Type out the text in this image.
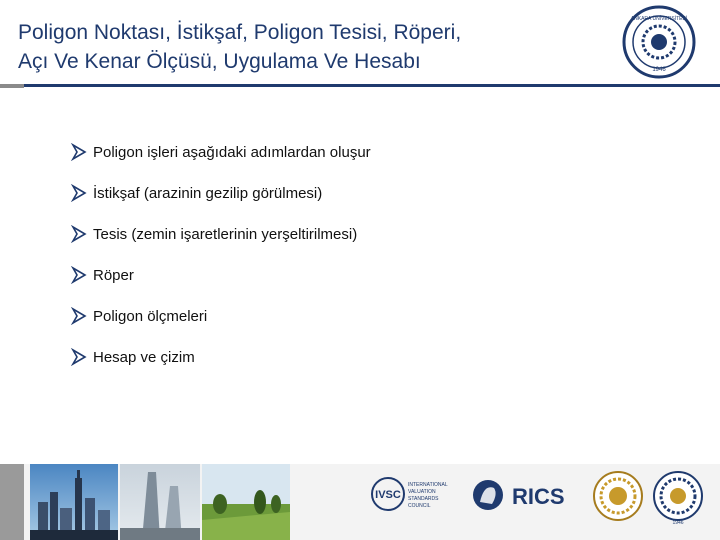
Poligon Noktası, İstikşaf, Poligon Tesisi, Röperi,
Açı Ve Kenar Ölçüsü, Uygulama Ve Hesabı
ANKARA ÜNİVERSİTESİ
1946
Poligon işleri aşağıdaki adımlardan oluşur
İstikşaf (arazinin gezilip görülmesi)
Tesis (zemin işaretlerinin yerşeltirilmesi)
Röper
Poligon ölçmeleri
Hesap ve çizim
IVSC
INTERNATIONAL
VALUATION
STANDARDS
COUNCIL	RICS
1946
